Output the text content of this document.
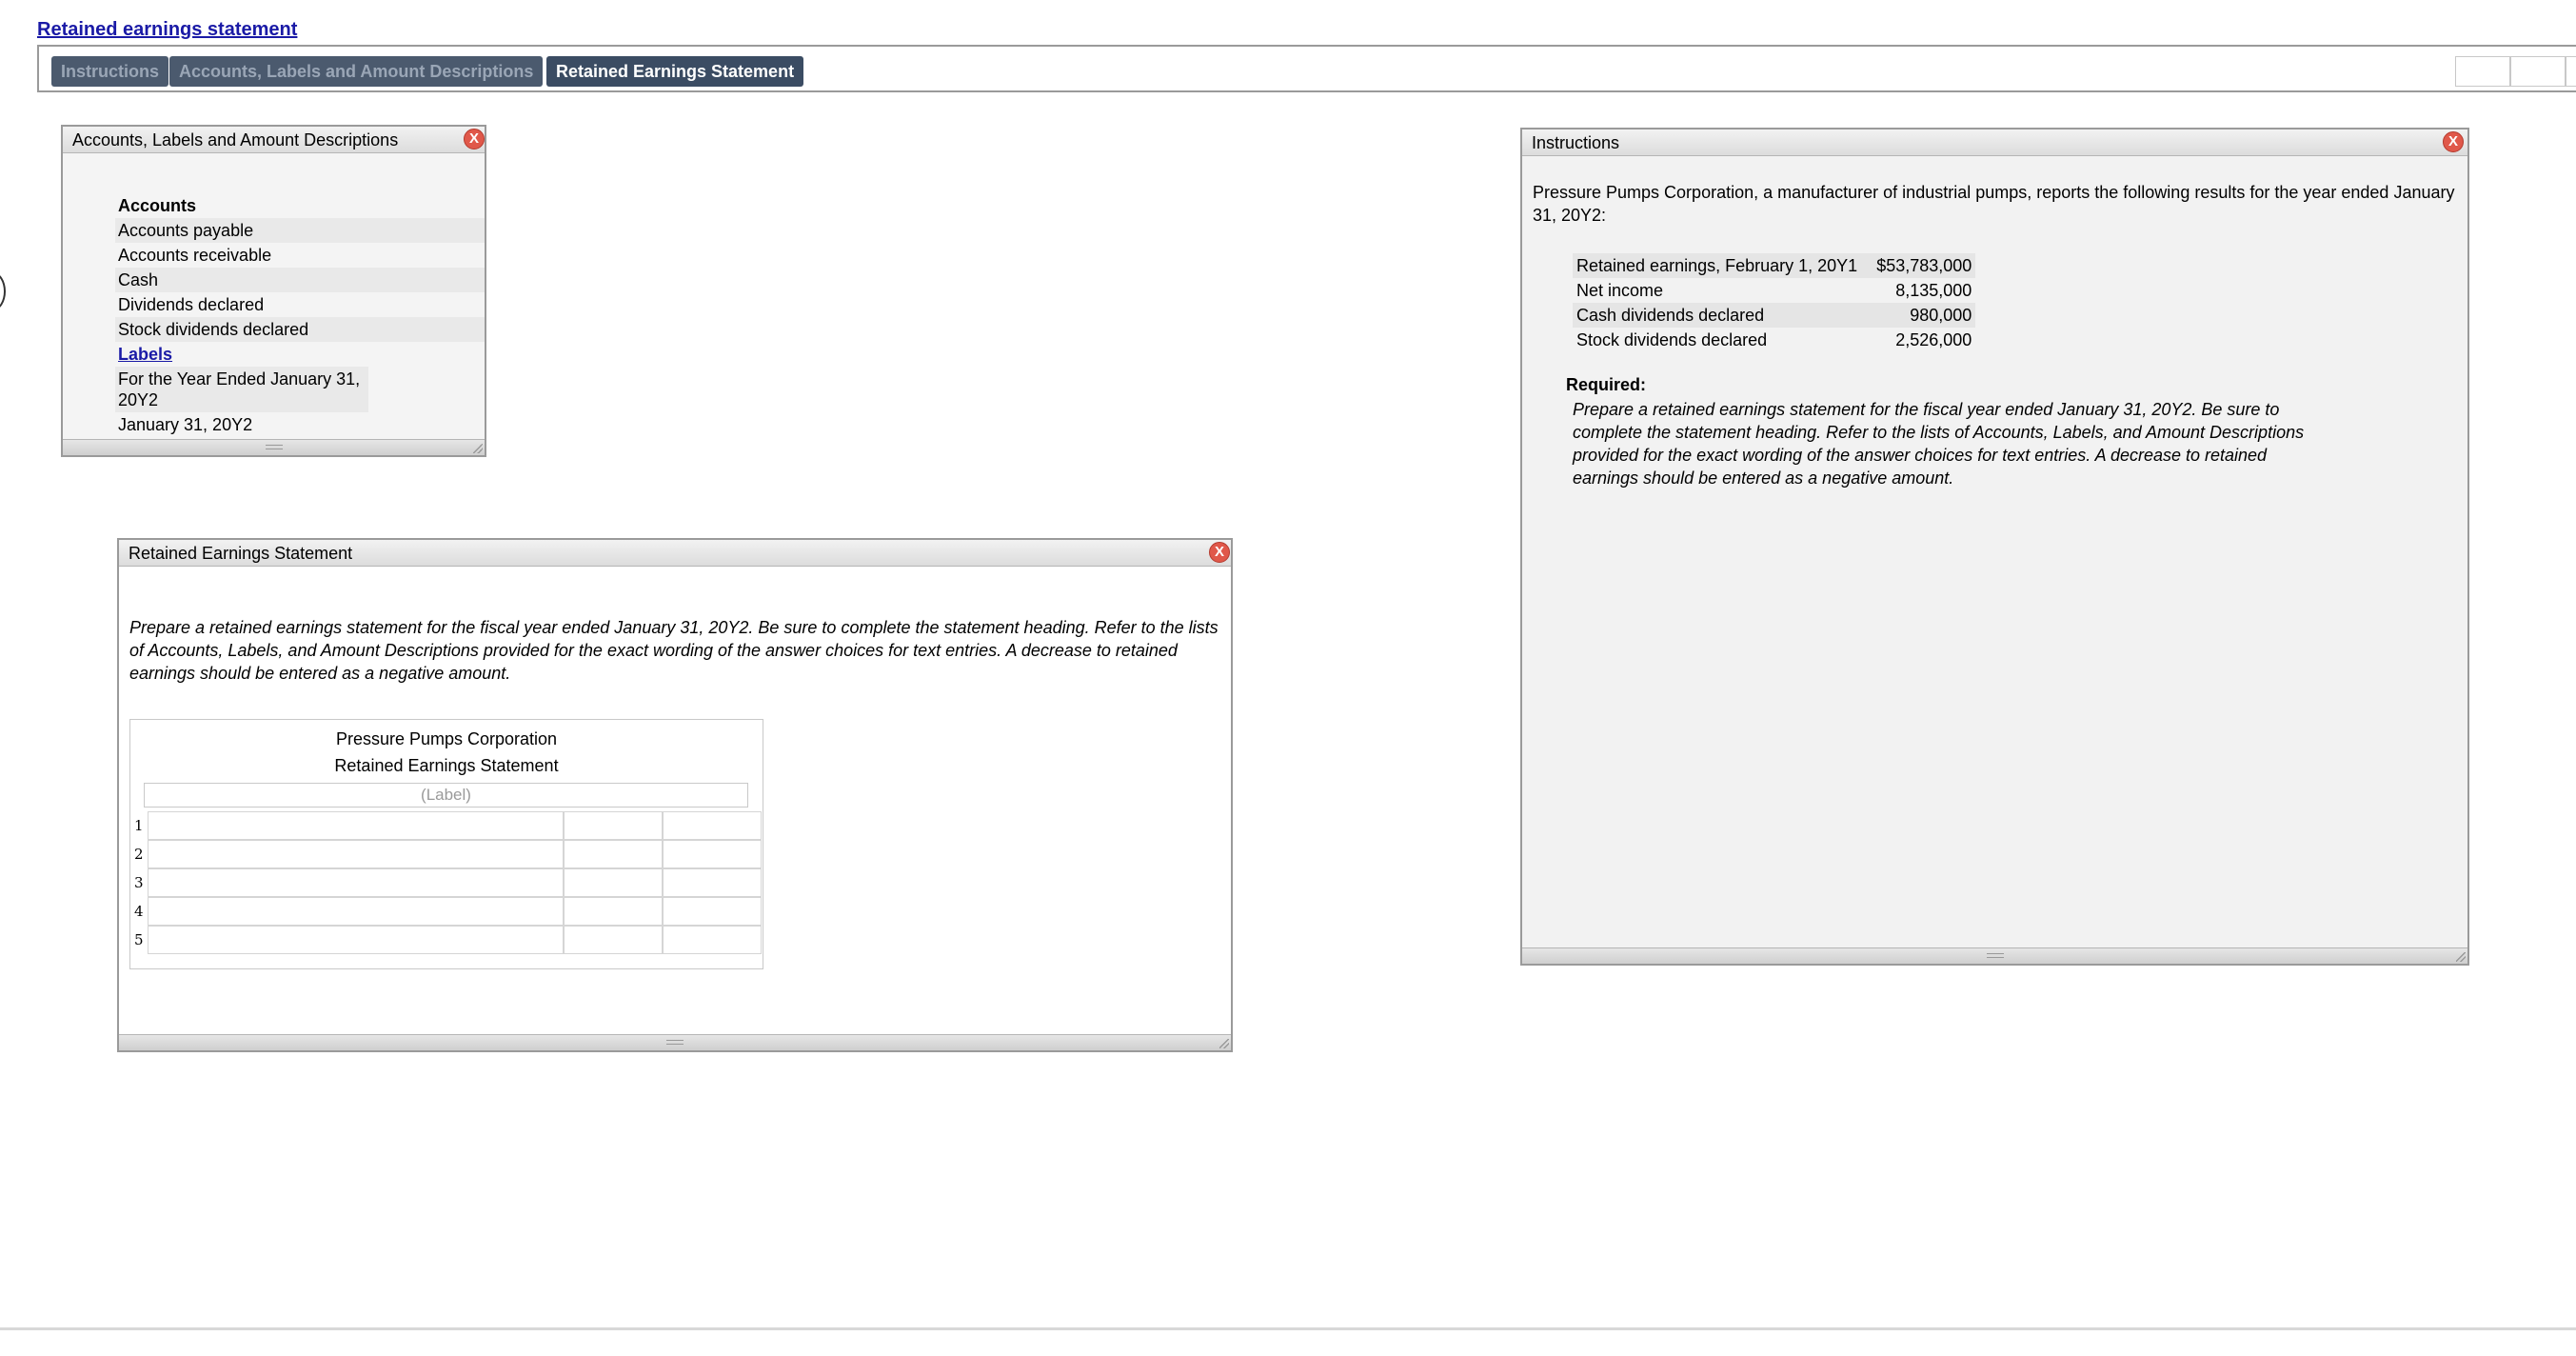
Retained earnings statement
Instructions	Accounts, Labels and Amount Descriptions	Retained Earnings Statement
Accounts, Labels and Amount Descriptions	X
Accounts
Accounts payable
Accounts receivable
Cash
Dividends declared
Stock dividends declared
Labels
For the Year Ended January 31, 20Y2
January 31, 20Y2
Instructions	X
Pressure Pumps Corporation, a manufacturer of industrial pumps, reports the following results for the year ended January 31, 20Y2:
Retained earnings, February 1, 20Y1	$53,783,000
Net income	8,135,000
Cash dividends declared	980,000
Stock dividends declared	2,526,000
Required:
Prepare a retained earnings statement for the fiscal year ended January 31, 20Y2. Be sure to complete the statement heading. Refer to the lists of Accounts, Labels, and Amount Descriptions provided for the exact wording of the answer choices for text entries. A decrease to retained earnings should be entered as a negative amount.
Retained Earnings Statement	X
Prepare a retained earnings statement for the fiscal year ended January 31, 20Y2. Be sure to complete the statement heading. Refer to the lists of Accounts, Labels, and Amount Descriptions provided for the exact wording of the answer choices for text entries. A decrease to retained earnings should be entered as a negative amount.
Pressure Pumps Corporation
Retained Earnings Statement
(Label)
1
2
3
4
5
